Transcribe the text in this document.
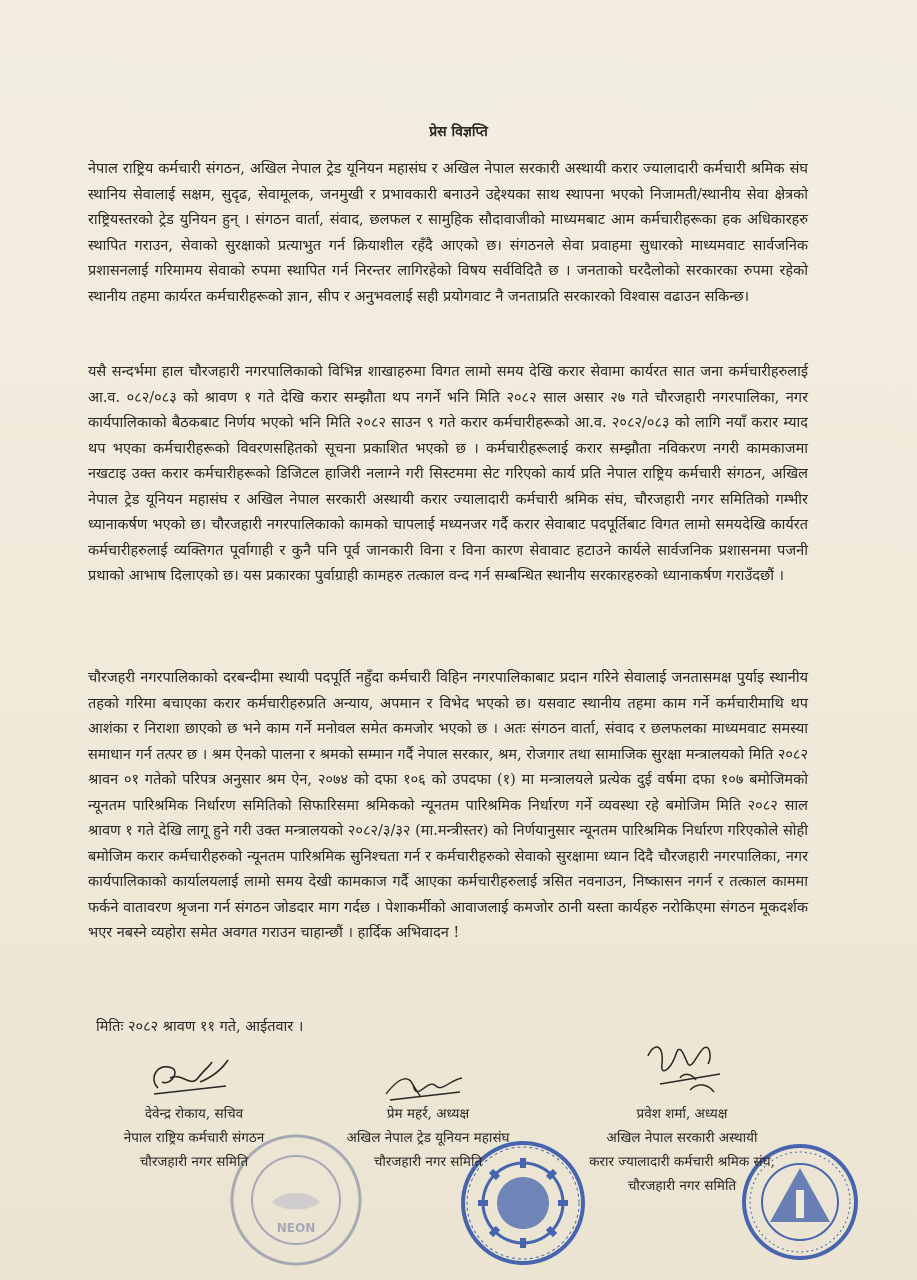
प्रेस विज्ञप्ति
नेपाल राष्ट्रिय कर्मचारी संगठन, अखिल नेपाल ट्रेड यूनियन महासंघ र अखिल नेपाल सरकारी अस्थायी करार ज्यालादारी कर्मचारी श्रमिक संघ स्थानिय सेवालाई सक्षम, सुदृढ, सेवामूलक, जनमुखी र प्रभावकारी बनाउने उद्देश्यका साथ स्थापना भएको निजामती/स्थानीय सेवा क्षेत्रको राष्ट्रियस्तरको ट्रेड युनियन हुन् । संगठन वार्ता, संवाद, छलफल र सामुहिक सौदावाजीको माध्यमबाट आम कर्मचारीहरूका हक अधिकारहरु स्थापित गराउन, सेवाको सुरक्षाको प्रत्याभुत गर्न क्रियाशील रहँदै आएको छ। संगठनले सेवा प्रवाहमा सुधारको माध्यमवाट सार्वजनिक प्रशासनलाई गरिमामय सेवाको रुपमा स्थापित गर्न निरन्तर लागिरहेको विषय सर्वविदितै छ । जनताको घरदैलोको सरकारका रुपमा रहेको स्थानीय तहमा कार्यरत कर्मचारीहरूको ज्ञान, सीप र अनुभवलाई सही प्रयोगवाट नै जनताप्रति सरकारको विश्वास वढाउन सकिन्छ।
यसै सन्दर्भमा हाल चौरजहारी नगरपालिकाको विभिन्न शाखाहरुमा विगत लामो समय देखि करार सेवामा कार्यरत सात जना कर्मचारीहरुलाई आ.व. ०८२/०८३ को श्रावण १ गते देखि करार सम्झौता थप नगर्ने भनि मिति २०८२ साल असार २७ गते चौरजहारी नगरपालिका, नगर कार्यपालिकाको बैठकबाट निर्णय भएको भनि मिति २०८२ साउन ९ गते करार कर्मचारीहरूको आ.व. २०८२/०८३ को लागि नयाँ करार म्याद थप भएका कर्मचारीहरूको विवरणसहितको सूचना प्रकाशित भएको छ । कर्मचारीहरूलाई करार सम्झौता नविकरण नगरी कामकाजमा नखटाइ उक्त करार कर्मचारीहरूको डिजिटल हाजिरी नलाग्ने गरी सिस्टममा सेट गरिएको कार्य प्रति नेपाल राष्ट्रिय कर्मचारी संगठन, अखिल नेपाल ट्रेड यूनियन महासंघ र अखिल नेपाल सरकारी अस्थायी करार ज्यालादारी कर्मचारी श्रमिक संघ, चौरजहारी नगर समितिको गम्भीर ध्यानाकर्षण भएको छ। चौरजहारी नगरपालिकाको कामको चापलाई मध्यनजर गर्दै करार सेवाबाट पदपूर्तिबाट विगत लामो समयदेखि कार्यरत कर्मचारीहरुलाई व्यक्तिगत पूर्वागाही र कुनै पनि पूर्व जानकारी विना र विना कारण सेवावाट हटाउने कार्यले सार्वजनिक प्रशासनमा पजनी प्रथाको आभाष दिलाएको छ। यस प्रकारका पुर्वाग्राही कामहरु तत्काल वन्द गर्न सम्बन्धित स्थानीय सरकारहरुको ध्यानाकर्षण गराउँदछौं ।
चौरजहरी नगरपालिकाको दरबन्दीमा स्थायी पदपूर्ति नहुँदा कर्मचारी विहिन नगरपालिकाबाट प्रदान गरिने सेवालाई जनतासमक्ष पुर्याइ स्थानीय तहको गरिमा बचाएका करार कर्मचारीहरुप्रति अन्याय, अपमान र विभेद भएको छ। यसवाट स्थानीय तहमा काम गर्ने कर्मचारीमाथि थप आशंका र निराशा छाएको छ भने काम गर्ने मनोवल समेत कमजोर भएको छ । अतः संगठन वार्ता, संवाद र छलफलका माध्यमवाट समस्या समाधान गर्न तत्पर छ । श्रम ऐनको पालना र श्रमको सम्मान गर्दै नेपाल सरकार, श्रम, रोजगार तथा सामाजिक सुरक्षा मन्त्रालयको मिति २०८२ श्रावन ०१ गतेको परिपत्र अनुसार श्रम ऐन, २०७४ को दफा १०६ को उपदफा (१) मा मन्त्रालयले प्रत्येक दुई वर्षमा दफा १०७ बमोजिमको न्यूनतम पारिश्रमिक निर्धारण समितिको सिफारिसमा श्रमिकको न्यूनतम पारिश्रमिक निर्धारण गर्ने व्यवस्था रहे बमोजिम मिति २०८२ साल श्रावण १ गते देखि लागू हुने गरी उक्त मन्त्रालयको २०८२/३/३२ (मा.मन्त्रीस्तर) को निर्णयानुसार न्यूनतम पारिश्रमिक निर्धारण गरिएकोले सोही बमोजिम करार कर्मचारीहरुको न्यूनतम पारिश्रमिक सुनिश्चता गर्न र कर्मचारीहरुको सेवाको सुरक्षामा ध्यान दिदै चौरजहारी नगरपालिका, नगर कार्यपालिकाको कार्यालयलाई लामो समय देखी कामकाज गर्दै आएका कर्मचारीहरुलाई त्रसित नवनाउन, निष्कासन नगर्न र तत्काल काममा फर्कने वातावरण श्रृजना गर्न संगठन जोडदार माग गर्दछ । पेशाकर्मीको आवाजलाई कमजोर ठानी यस्ता कार्यहरु नरोकिएमा संगठन मूकदर्शक भएर नबस्ने व्यहोरा समेत अवगत गराउन चाहान्छौं । हार्दिक अभिवादन !
मितिः २०८२ श्रावण ११ गते, आईतवार ।
NEON
देवेन्द्र रोकाय, सचिव
नेपाल राष्ट्रिय कर्मचारी संगठन
चौरजहारी नगर समिति
प्रेम महर्र, अध्यक्ष
अखिल नेपाल ट्रेड यूनियन महासंघ
चौरजहारी नगर समिति
प्रवेश शर्मा, अध्यक्ष
अखिल नेपाल सरकारी अस्थायी
करार ज्यालादारी कर्मचारी श्रमिक संघ,
चौरजहारी नगर समिति
